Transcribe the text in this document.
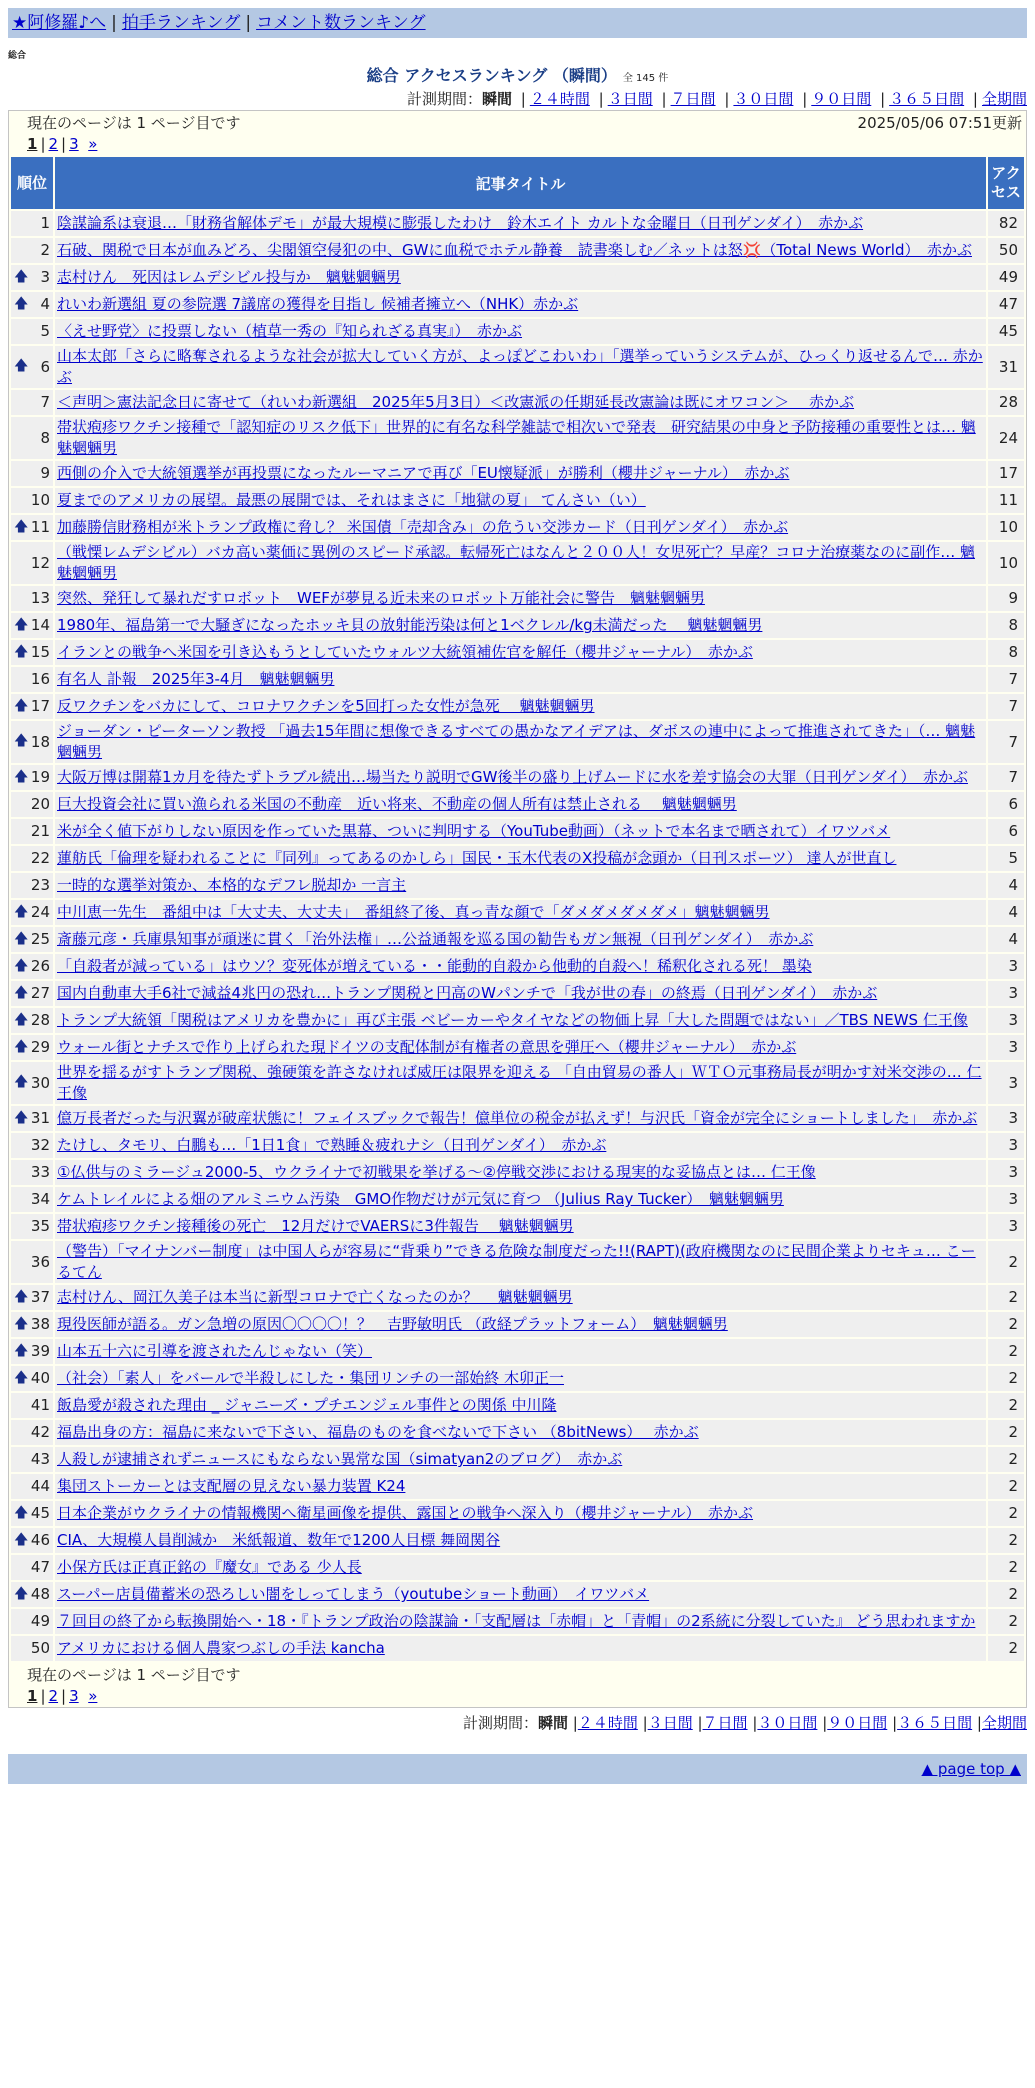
★阿修羅♪へ | 拍手ランキング | コメント数ランキング
総合
総合 アクセスランキング （瞬間） 全 145 件
計測期間：瞬間 | ２４時間 | ３日間 | ７日間 | ３０日間 | ９０日間 | ３６５日間 | 全期間
現在のページは 1 ページ目です	2025/05/06 07:51更新
1 | 2 | 3 »
順位	記事タイトル	アクセス
1	陰謀論系は衰退…「財務省解体デモ」が最大規模に膨張したわけ　鈴木エイト カルトな金曜日（日刊ゲンダイ）　赤かぶ	82
2	石破、関税で日本が血みどろ、尖閣領空侵犯の中、GWに血税でホテル静養　読書楽しむ／ネットは怒💢（Total News World）　赤かぶ	50

🡅 3	志村けん　死因はレムデシビル投与か　魑魅魍魎男	49

🡅 4	れいわ新選組 夏の参院選 7議席の獲得を目指し 候補者擁立へ（NHK）赤かぶ	47
5	〈えせ野党〉に投票しない（植草一秀の『知られざる真実』）　赤かぶ	45

🡅 6	山本太郎「さらに略奪されるような社会が拡大していく方が、よっぽどこわいわ」「選挙っていうシステムが、ひっくり返せるんで… 赤かぶ	31
7	＜声明＞憲法記念日に寄せて（れいわ新選組　2025年5月3日）＜改憲派の任期延長改憲論は既にオワコン＞　 赤かぶ	28
8	帯状疱疹ワクチン接種で「認知症のリスク低下」世界的に有名な科学雑誌で相次いで発表　研究結果の中身と予防接種の重要性とは… 魑魅魍魎男	24
9	西側の介入で大統領選挙が再投票になったルーマニアで再び「EU懐疑派」が勝利（櫻井ジャーナル）　赤かぶ	17
10	夏までのアメリカの展望。最悪の展開では、それはまさに「地獄の夏」 てんさい（い）	11

🡅 11	加藤勝信財務相が米トランプ政権に脅し？ 米国債「売却含み」の危うい交渉カード（日刊ゲンダイ）　赤かぶ	10
12	（戦慄レムデシビル）バカ高い薬価に異例のスピード承認。転帰死亡はなんと２００人！女児死亡？早産？コロナ治療薬なのに副作… 魑魅魍魎男	10
13	突然、発狂して暴れだすロボット　WEFが夢見る近未来のロボット万能社会に警告　魑魅魍魎男	9

🡅 14	1980年、福島第一で大騒ぎになったホッキ貝の放射能汚染は何と1ベクレル/kg未満だった　 魑魅魍魎男	8

🡅 15	イランとの戦争へ米国を引き込もうとしていたウォルツ大統領補佐官を解任（櫻井ジャーナル）　赤かぶ	8
16	有名人 訃報　2025年3-4月　魑魅魍魎男	7

🡅 17	反ワクチンをバカにして、コロナワクチンを5回打った女性が急死　 魑魅魍魎男	7

🡅 18	ジョーダン・ピーターソン教授 「過去15年間に想像できるすべての愚かなアイデアは、ダボスの連中によって推進されてきた」（… 魑魅魍魎男	7

🡅 19	大阪万博は開幕1カ月を待たずトラブル続出…場当たり説明でGW後半の盛り上げムードに水を差す協会の大罪（日刊ゲンダイ）　赤かぶ	7
20	巨大投資会社に買い漁られる米国の不動産　近い将来、不動産の個人所有は禁止される　 魑魅魍魎男	6
21	米が全く値下がりしない原因を作っていた黒幕、ついに判明する（YouTube動画）（ネットで本名まで晒されて）イワツバメ	6
22	蓮舫氏「倫理を疑われることに『同列』ってあるのかしら」国民・玉木代表のX投稿が念頭か（日刊スポーツ） 達人が世直し	5
23	一時的な選挙対策か、本格的なデフレ脱却か 一言主	4

🡅 24	中川恵一先生　番組中は「大丈夫、大丈夫」　番組終了後、真っ青な顔で「ダメダメダメダメ」魑魅魍魎男	4

🡅 25	斎藤元彦・兵庫県知事が頑迷に貫く「治外法権」…公益通報を巡る国の勧告もガン無視（日刊ゲンダイ）　赤かぶ	4

🡅 26	「自殺者が減っている」はウソ？変死体が増えている・・能動的自殺から他動的自殺へ！稀釈化される死！ 墨染	3

🡅 27	国内自動車大手6社で減益4兆円の恐れ…トランプ関税と円高のWパンチで「我が世の春」の終焉（日刊ゲンダイ）　赤かぶ	3

🡅 28	トランプ大統領「関税はアメリカを豊かに」再び主張 ベビーカーやタイヤなどの物価上昇「大した問題ではない」／TBS NEWS 仁王像	3

🡅 29	ウォール街とナチスで作り上げられた現ドイツの支配体制が有権者の意思を弾圧へ（櫻井ジャーナル）　赤かぶ	3

🡅 30	世界を揺るがすトランプ関税、強硬策を許さなければ威圧は限界を迎える 「自由貿易の番人」ＷＴＯ元事務局長が明かす対米交渉の… 仁王像	3

🡅 31	億万長者だった与沢翼が破産状態に！フェイスブックで報告！億単位の税金が払えず！与沢氏「資金が完全にショートしました」　赤かぶ	3
32	たけし、タモリ、白鵬も…「1日1食」で熟睡＆疲れナシ（日刊ゲンダイ）　赤かぶ	3
33	①仏供与のミラージュ2000-5、ウクライナで初戦果を挙げる～②停戦交渉における現実的な妥協点とは… 仁王像	3
34	ケムトレイルによる畑のアルミニウム汚染　GMO作物だけが元気に育つ （Julius Ray Tucker）　魑魅魍魎男	3
35	帯状疱疹ワクチン接種後の死亡　12月だけでVAERSに3件報告　 魑魅魍魎男	3
36	（警告）「マイナンバー制度」は中国人らが容易に“背乗り”できる危険な制度だった!!(RAPT)(政府機関なのに民間企業よりセキュ… こーるてん	2

🡅 37	志村けん、岡江久美子は本当に新型コロナで亡くなったのか？　 魑魅魍魎男	2

🡅 38	現役医師が語る。ガン急増の原因〇〇〇〇！？　吉野敏明氏 （政経プラットフォーム）　魑魅魍魎男	2

🡅 39	山本五十六に引導を渡されたんじゃない（笑）	2

🡅 40	（社会）「素人」をバールで半殺しにした・集団リンチの一部始終 木卯正一	2
41	飯島愛が殺された理由 _ ジャニーズ・プチエンジェル事件との関係 中川隆	2
42	福島出身の方：福島に来ないで下さい、福島のものを食べないで下さい （8bitNews）　 赤かぶ	2
43	人殺しが逮捕されずニュースにもならない異常な国（simatyan2のブログ）　赤かぶ	2
44	集団ストーカーとは支配層の見えない暴力装置 K24	2

🡅 45	日本企業がウクライナの情報機関へ衛星画像を提供、露国との戦争へ深入り（櫻井ジャーナル）　赤かぶ	2

🡅 46	CIA、大規模人員削減か　米紙報道、数年で1200人目標 舞岡関谷	2
47	小保方氏は正真正銘の『魔女』である 少人長	2

🡅 48	スーパー店員備蓄米の恐ろしい闇をしってしまう（youtubeショート動画）　イワツバメ	2
49	７回目の終了から転換開始へ・18・『トランプ政治の陰謀論・「支配層は「赤帽」と「青帽」の2系統に分裂していた』 どう思われますか	2
50	アメリカにおける個人農家つぶしの手法 kancha	2
現在のページは 1 ページ目です
1 | 2 | 3 »
計測期間：瞬間 |２４時間 |３日間 |７日間 |３０日間 |９０日間 |３６５日間 |全期間
▲ page top ▲
